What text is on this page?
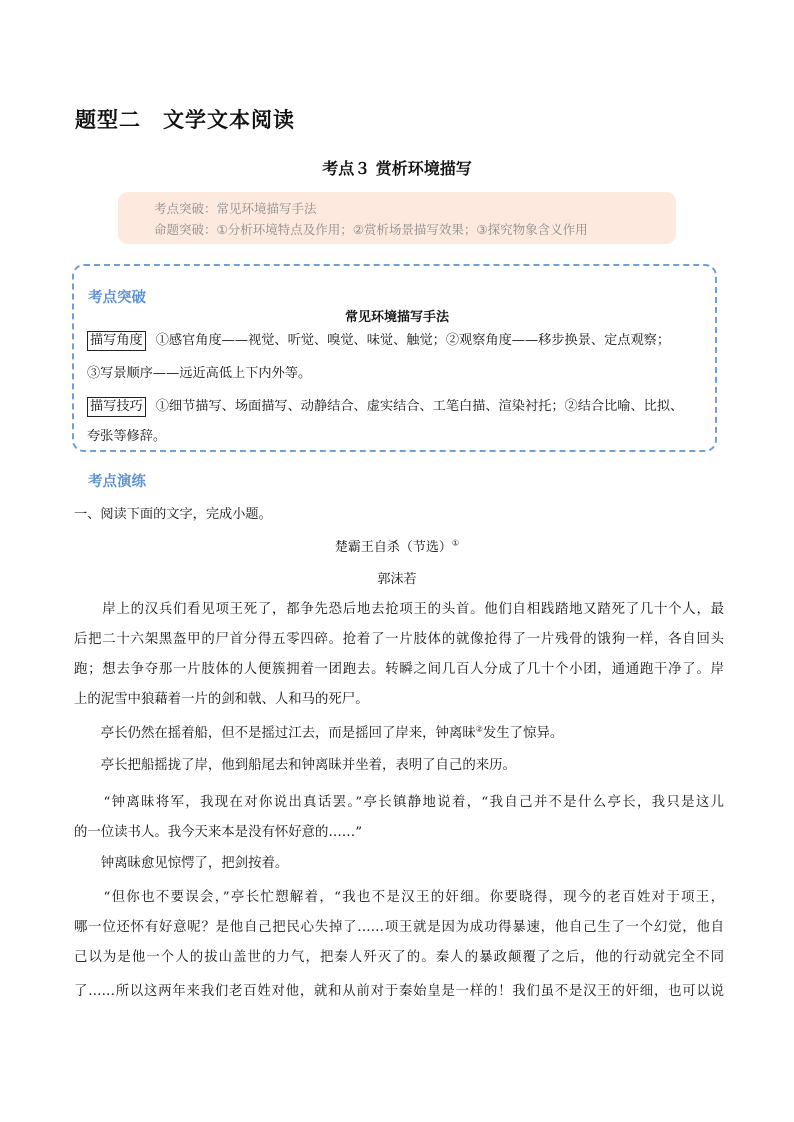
题型二　文学文本阅读
考点３ 赏析环境描写
考点突破：常见环境描写手法
命题突破：①分析环境特点及作用；②赏析场景描写效果；③探究物象含义作用
考点突破
常见环境描写手法
描写角度 ①感官角度——视觉、听觉、嗅觉、味觉、触觉；②观察角度——移步换景、定点观察；
③写景顺序——远近高低上下内外等。
描写技巧 ①细节描写、场面描写、动静结合、虚实结合、工笔白描、渲染衬托；②结合比喻、比拟、
夸张等修辞。
考点演练
一、阅读下面的文字，完成小题。
楚霸王自杀（节选）①
郭沫若
　　岸上的汉兵们看见项王死了，都争先恐后地去抢项王的头首。他们自相践踏地又踏死了几十个人，最
后把二十六架黑盔甲的尸首分得五零四碎。抢着了一片肢体的就像抢得了一片残骨的饿狗一样，各自回头
跑；想去争夺那一片肢体的人便簇拥着一团跑去。转瞬之间几百人分成了几十个小团，通通跑干净了。岸
上的泥雪中狼藉着一片的剑和戟、人和马的死尸。
　　亭长仍然在摇着船，但不是摇过江去，而是摇回了岸来，钟离昧②发生了惊异。
　　亭长把船摇拢了岸，他到船尾去和钟离昧并坐着，表明了自己的来历。
　　“钟离昧将军，我现在对你说出真话罢。”亭长镇静地说着，“我自己并不是什么亭长，我只是这儿
的一位读书人。我今天来本是没有怀好意的……”
　　钟离昧愈见惊愕了，把剑按着。
　　“但你也不要误会，”亭长忙愬解着，“我也不是汉王的奸细。你要晓得，现今的老百姓对于项王，
哪一位还怀有好意呢？是他自己把民心失掉了……项王就是因为成功得暴速，他自己生了一个幻觉，他自
己以为是他一个人的拔山盖世的力气，把秦人歼灭了的。秦人的暴政颠覆了之后，他的行动就完全不同
了……所以这两年来我们老百姓对他，就和从前对于秦始皇是一样的！我们虽不是汉王的奸细，也可以说
